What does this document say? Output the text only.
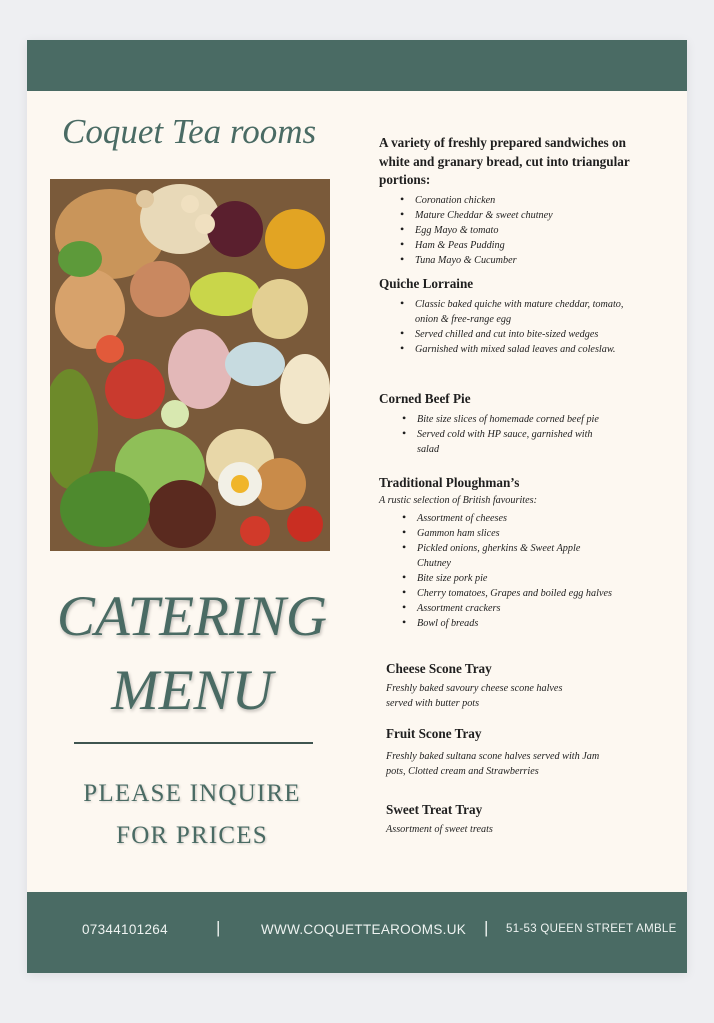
Coquet Tea rooms
CATERING
MENU
PLEASE INQUIRE
FOR PRICES
A variety of freshly prepared sandwiches on white and granary bread, cut into triangular portions:
• Coronation chicken
• Mature Cheddar & sweet chutney
• Egg Mayo & tomato
• Ham & Peas Pudding
• Tuna Mayo & Cucumber
Quiche Lorraine
• Classic baked quiche with mature cheddar, tomato, onion & free-range egg
• Served chilled and cut into bite-sized wedges
• Garnished with mixed salad leaves and coleslaw.
Corned Beef Pie
• Bite size slices of homemade corned beef pie
• Served cold with HP sauce, garnished with salad
Traditional Ploughman’s
A rustic selection of British favourites:
• Assortment of cheeses
• Gammon ham slices
• Pickled onions, gherkins & Sweet Apple Chutney
• Bite size pork pie
• Cherry tomatoes, Grapes and boiled egg halves
• Assortment crackers
• Bowl of breads
Cheese Scone Tray
Freshly baked savoury cheese scone halves served with butter pots
Fruit Scone Tray
Freshly baked sultana scone halves served with Jam pots, Clotted cream and Strawberries
Sweet Treat Tray
Assortment of sweet treats
07344101264	|	WWW.COQUETTEAROOMS.UK | 51-53 QUEEN STREET AMBLE
